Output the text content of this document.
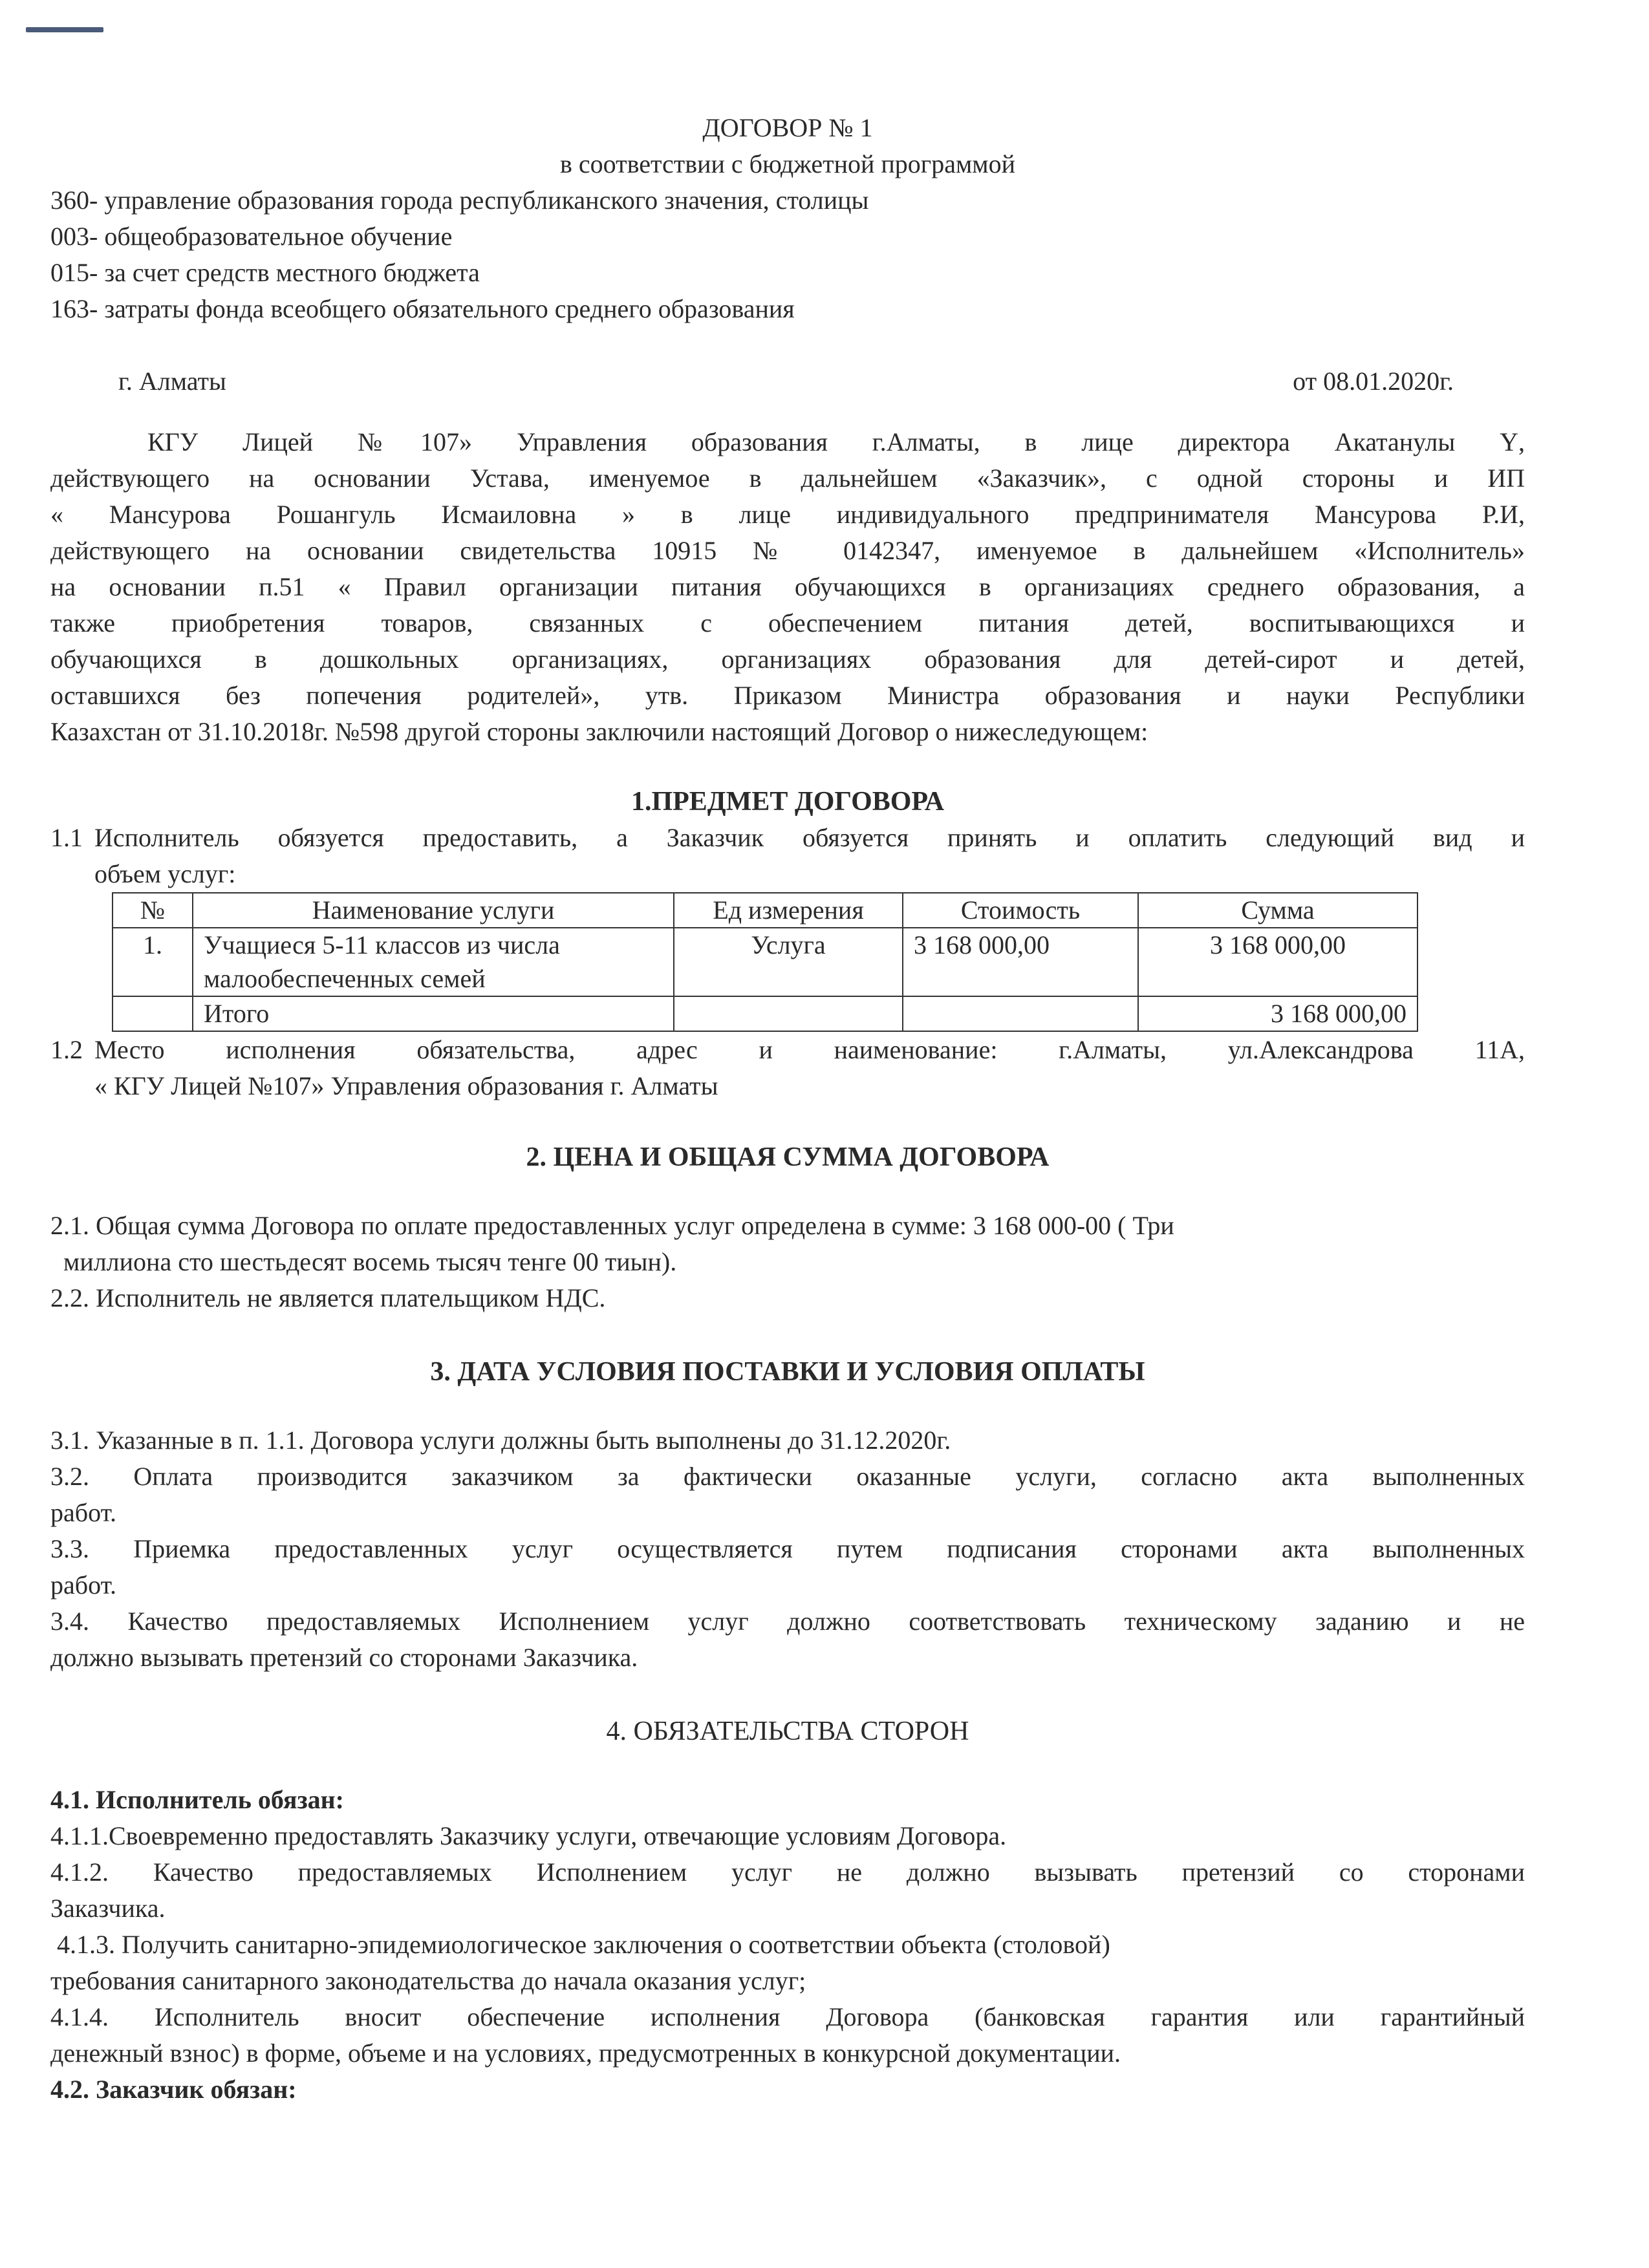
ДОГОВОР № 1
в соответствии с бюджетной программой
360- управление образования города республиканского значения, столицы
003- общеобразовательное обучение
015- за счет средств местного бюджета
163- затраты фонда всеобщего обязательного среднего образования
г. Алматы	от 08.01.2020г.
КГУ Лицей №107» Управления образования г.Алматы, в лице директора Акатанулы Ү,
действующего на основании Устава, именуемое в дальнейшем «Заказчик», с одной стороны и ИП
« Мансурова Рошангуль Исмаиловна » в лице индивидуального предпринимателя Мансурова Р.И,
действующего на основании свидетельства 10915 № 0142347, именуемое в дальнейшем «Исполнитель»
на основании п.51 « Правил организации питания обучающихся в организациях среднего образования, а
также приобретения товаров, связанных с обеспечением питания детей, воспитывающихся и
обучающихся в дошкольных организациях, организациях образования для детей-сирот и детей,
оставшихся без попечения родителей», утв. Приказом Министра образования и науки Республики
Казахстан от 31.10.2018г. №598 другой стороны заключили настоящий Договор о нижеследующем:
1.ПРЕДМЕТ ДОГОВОРА
1.1 Исполнитель обязуется предоставить, а Заказчик обязуется принять и оплатить следующий вид и
объем услуг:
№	Наименование услуги	Ед измерения	Стоимость	Сумма
1.	Учащиеся 5-11 классов из числа
малообеспеченных семей	Услуга	3 168 000,00	3 168 000,00
	Итого			3 168 000,00
1.2 Место исполнения обязательства, адрес и наименование: г.Алматы, ул.Александрова 11А,
« КГУ Лицей №107» Управления образования г. Алматы
2. ЦЕНА И ОБЩАЯ СУММА ДОГОВОРА
2.1. Общая сумма Договора по оплате предоставленных услуг определена в сумме: 3 168 000-00 ( Три
миллиона сто шестьдесят восемь тысяч тенге 00 тиын).
2.2. Исполнитель не является плательщиком НДС.
3. ДАТА УСЛОВИЯ ПОСТАВКИ И УСЛОВИЯ ОПЛАТЫ
3.1. Указанные в п. 1.1. Договора услуги должны быть выполнены до 31.12.2020г.
3.2. Оплата производится заказчиком за фактически оказанные услуги, согласно акта выполненных
работ.
3.3. Приемка предоставленных услуг осуществляется путем подписания сторонами акта выполненных
работ.
3.4. Качество предоставляемых Исполнением услуг должно соответствовать техническому заданию и не
должно вызывать претензий со сторонами Заказчика.
4. ОБЯЗАТЕЛЬСТВА СТОРОН
4.1. Исполнитель обязан:
4.1.1.Своевременно предоставлять Заказчику услуги, отвечающие условиям Договора.
4.1.2. Качество предоставляемых Исполнением услуг не должно вызывать претензий со сторонами
Заказчика.
4.1.3. Получить санитарно-эпидемиологическое заключения о соответствии объекта (столовой)
требования санитарного законодательства до начала оказания услуг;
4.1.4. Исполнитель вносит обеспечение исполнения Договора (банковская гарантия или гарантийный
денежный взнос) в форме, объеме и на условиях, предусмотренных в конкурсной документации.
4.2. Заказчик обязан:
